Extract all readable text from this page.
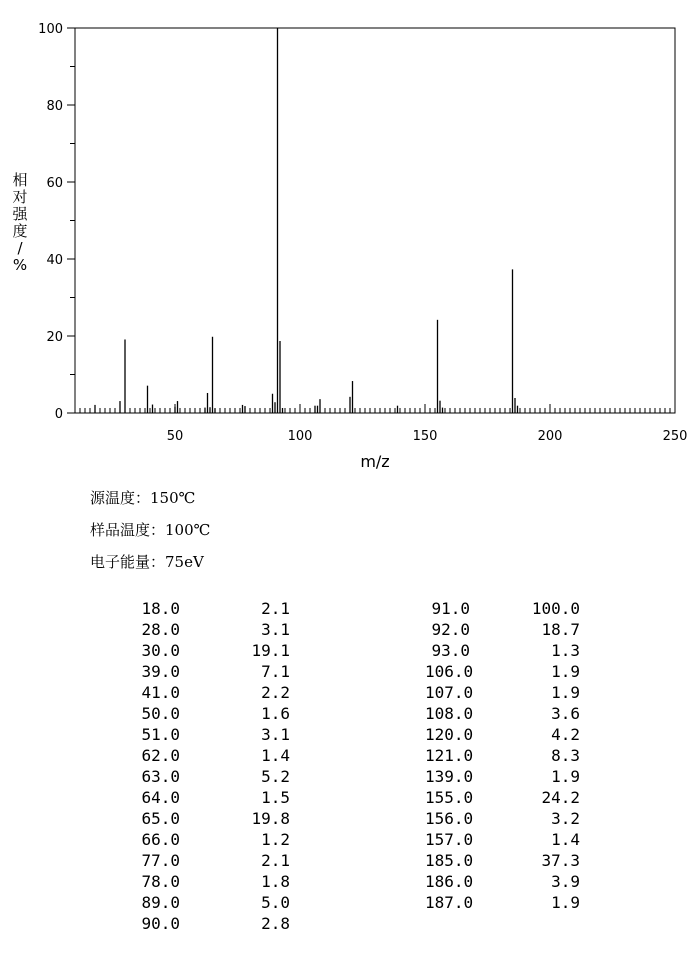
50	100	150	200	250
0
20
40
60
80
100
m/z
相对强度/ %
源温度：150℃
样品温度：100℃
电子能量：75eV
18.0	2.1
28.0	3.1
30.0	19.1
39.0	7.1
41.0	2.2
50.0	1.6
51.0	3.1
62.0	1.4
63.0	5.2
64.0	1.5
65.0	19.8
66.0	1.2
77.0	2.1
78.0	1.8
89.0	5.0
90.0	2.8
91.0	100.0
92.0	18.7
93.0	1.3
106.0	1.9
107.0	1.9
108.0	3.6
120.0	4.2
121.0	8.3
139.0	1.9
155.0	24.2
156.0	3.2
157.0	1.4
185.0	37.3
186.0	3.9
187.0	1.9
